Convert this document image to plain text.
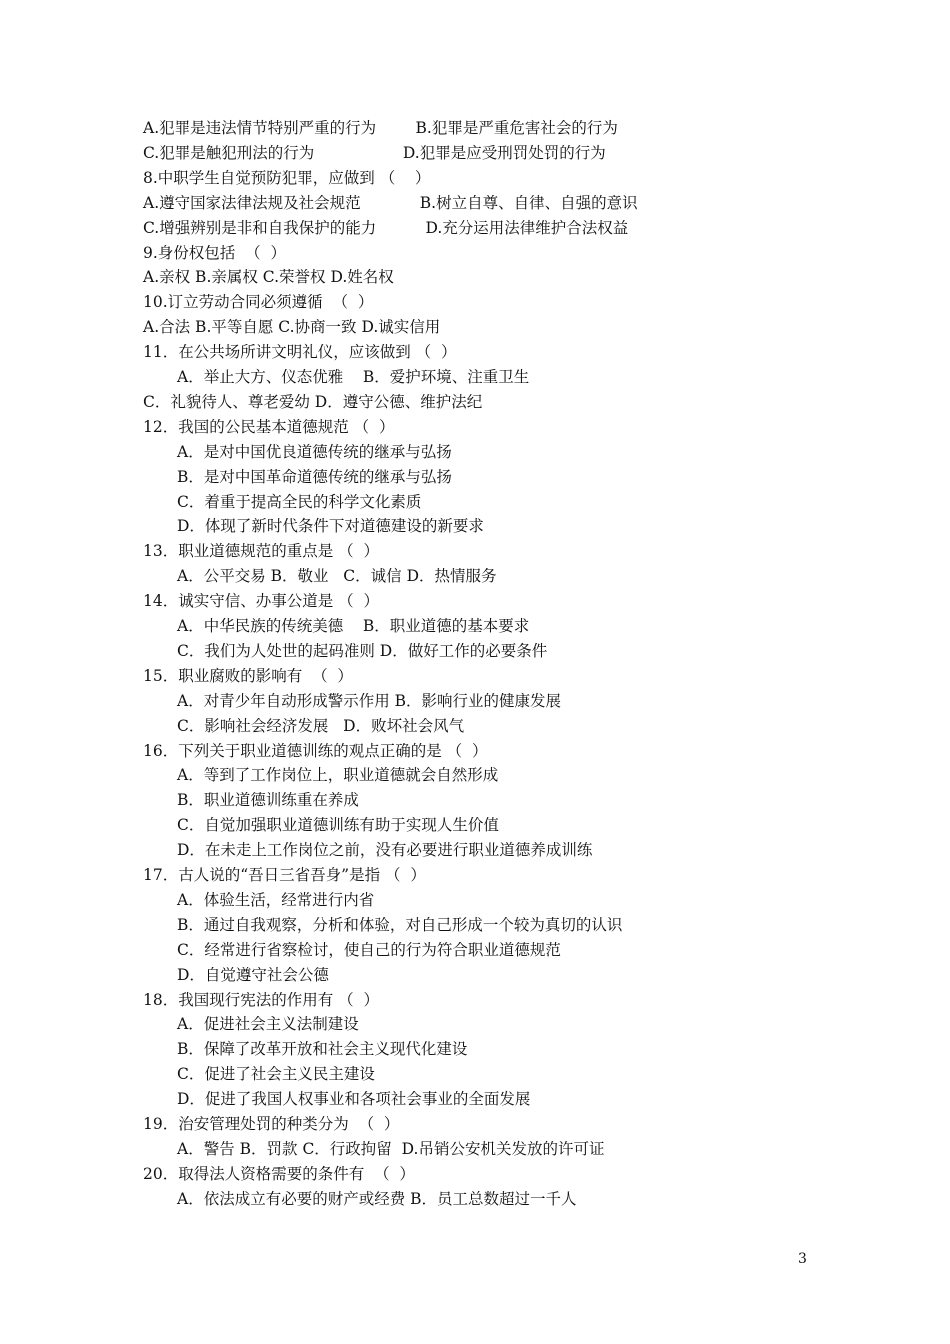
A.犯罪是违法情节特别严重的行为        B.犯罪是严重危害社会的行为
C.犯罪是触犯刑法的行为                  D.犯罪是应受刑罚处罚的行为
8.中职学生自觉预防犯罪，应做到 （    ）
A.遵守国家法律法规及社会规范            B.树立自尊、自律、自强的意识
C.增强辨别是非和自我保护的能力          D.充分运用法律维护合法权益
9.身份权包括  （  ）
A.亲权 B.亲属权 C.荣誉权 D.姓名权
10.订立劳动合同必须遵循  （  ）
A.合法 B.平等自愿 C.协商一致 D.诚实信用
11．在公共场所讲文明礼仪，应该做到 （  ）
A．举止大方、仪态优雅    B．爱护环境、注重卫生
C．礼貌待人、尊老爱幼 D．遵守公德、维护法纪
12．我国的公民基本道德规范 （  ）
A．是对中国优良道德传统的继承与弘扬
B．是对中国革命道德传统的继承与弘扬
C．着重于提高全民的科学文化素质
D．体现了新时代条件下对道德建设的新要求
13．职业道德规范的重点是 （  ）
A．公平交易 B．敬业   C．诚信 D．热情服务
14．诚实守信、办事公道是 （  ）
A．中华民族的传统美德    B．职业道德的基本要求
C．我们为人处世的起码准则 D．做好工作的必要条件
15．职业腐败的影响有  （  ）
A．对青少年自动形成警示作用 B．影响行业的健康发展
C．影响社会经济发展   D．败坏社会风气
16．下列关于职业道德训练的观点正确的是 （  ）
A．等到了工作岗位上，职业道德就会自然形成
B．职业道德训练重在养成
C．自觉加强职业道德训练有助于实现人生价值
D．在未走上工作岗位之前，没有必要进行职业道德养成训练
17．古人说的“吾日三省吾身”是指 （  ）
A．体验生活，经常进行内省
B．通过自我观察，分析和体验，对自己形成一个较为真切的认识
C．经常进行省察检讨，使自己的行为符合职业道德规范
D．自觉遵守社会公德
18．我国现行宪法的作用有 （  ）
A．促进社会主义法制建设
B．保障了改革开放和社会主义现代化建设
C．促进了社会主义民主建设
D．促进了我国人权事业和各项社会事业的全面发展
19．治安管理处罚的种类分为  （  ）
A．警告 B．罚款 C．行政拘留  D.吊销公安机关发放的许可证
20．取得法人资格需要的条件有  （  ）
A．依法成立有必要的财产或经费 B．员工总数超过一千人
3
